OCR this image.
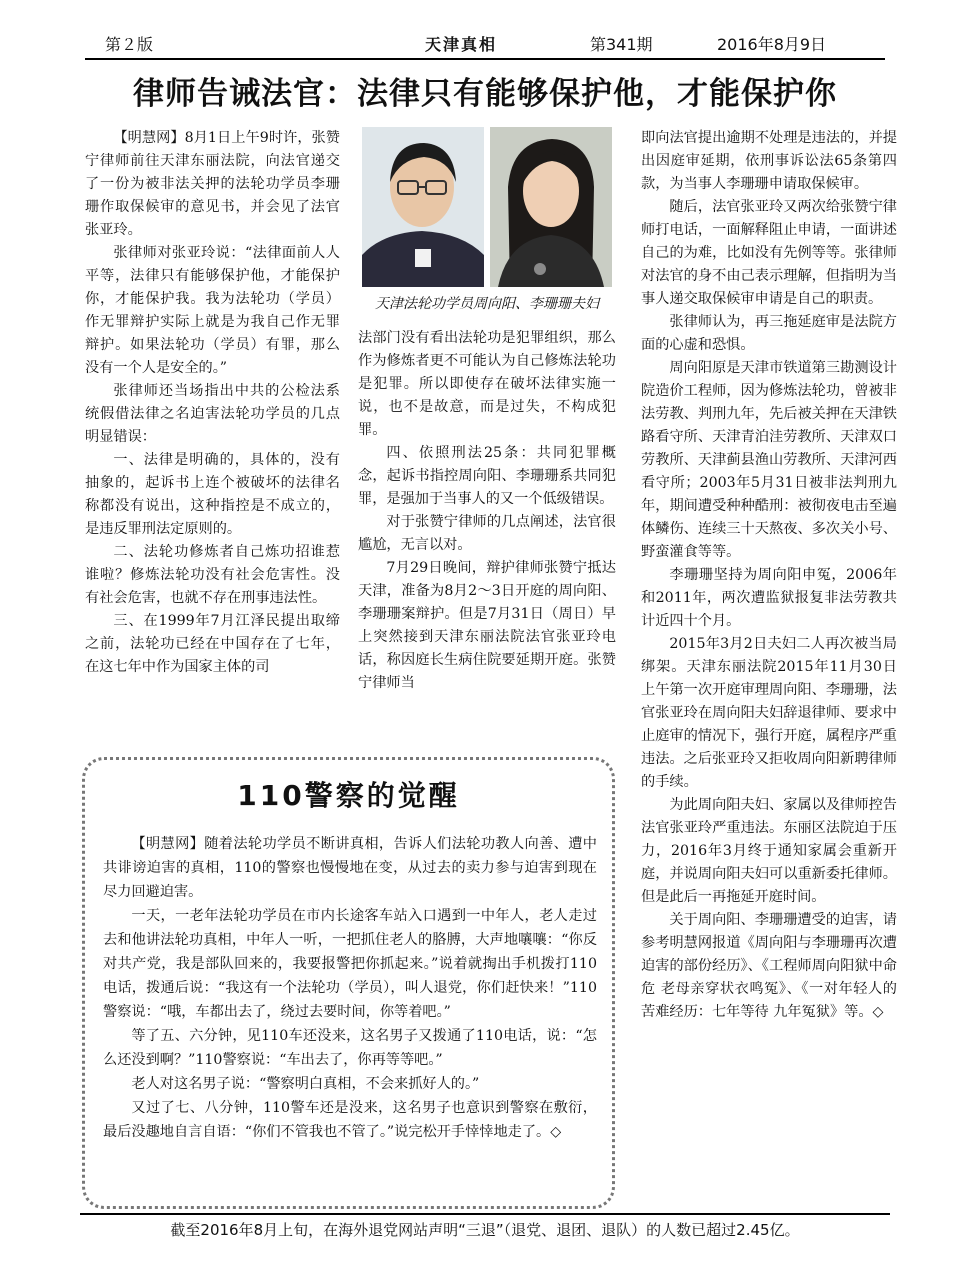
第２版	天津真相	第341期	2016年8月9日
律师告诫法官：法律只有能够保护他，才能保护你

【明慧网】8月1日上午9时许，张赞宁律师前往天津东丽法院，向法官递交了一份为被非法关押的法轮功学员李珊珊作取保候审的意见书，并会见了法官张亚玲。

张律师对张亚玲说：“法律面前人人平等，法律只有能够保护他，才能保护你，才能保护我。我为法轮功（学员）作无罪辩护实际上就是为我自己作无罪辩护。如果法轮功（学员）有罪，那么没有一个人是安全的。”

张律师还当场指出中共的公检法系统假借法律之名迫害法轮功学员的几点明显错误：

一、法律是明确的，具体的，没有抽象的，起诉书上连个被破坏的法律名称都没有说出，这种指控是不成立的，是违反罪刑法定原则的。

二、法轮功修炼者自己炼功招谁惹谁啦？修炼法轮功没有社会危害性。没有社会危害，也就不存在刑事违法性。

三、在1999年7月江泽民提出取缔之前，法轮功已经在中国存在了七年，在这七年中作为国家主体的司

天津法轮功学员周向阳、李珊珊夫妇

法部门没有看出法轮功是犯罪组织，那么作为修炼者更不可能认为自己修炼法轮功是犯罪。所以即使存在破坏法律实施一说，也不是故意，而是过失，不构成犯罪。

四、依照刑法25条：共同犯罪概念，起诉书指控周向阳、李珊珊系共同犯罪，是强加于当事人的又一个低级错误。

对于张赞宁律师的几点阐述，法官很尴尬，无言以对。

7月29日晚间，辩护律师张赞宁抵达天津，准备为8月2～3日开庭的周向阳、李珊珊案辩护。但是7月31日（周日）早上突然接到天津东丽法院法官张亚玲电话，称因庭长生病住院要延期开庭。张赞宁律师当

即向法官提出逾期不处理是违法的，并提出因庭审延期，依刑事诉讼法65条第四款，为当事人李珊珊申请取保候审。

随后，法官张亚玲又两次给张赞宁律师打电话，一面解释阻止申请，一面讲述自己的为难，比如没有先例等等。张律师对法官的身不由己表示理解，但指明为当事人递交取保候审申请是自己的职责。

张律师认为，再三拖延庭审是法院方面的心虚和恐惧。

周向阳原是天津市铁道第三勘测设计院造价工程师，因为修炼法轮功，曾被非法劳教、判刑九年，先后被关押在天津铁路看守所、天津青泊洼劳教所、天津双口劳教所、天津蓟县渔山劳教所、天津河西看守所；2003年5月31日被非法判刑九年，期间遭受种种酷刑：被彻夜电击至遍体鳞伤、连续三十天熬夜、多次关小号、野蛮灌食等等。

李珊珊坚持为周向阳申冤，2006年和2011年，两次遭监狱报复非法劳教共计近四十个月。

2015年3月2日夫妇二人再次被当局绑架。天津东丽法院2015年11月30日上午第一次开庭审理周向阳、李珊珊，法官张亚玲在周向阳夫妇辞退律师、要求中止庭审的情况下，强行开庭，属程序严重违法。之后张亚玲又拒收周向阳新聘律师的手续。

为此周向阳夫妇、家属以及律师控告法官张亚玲严重违法。东丽区法院迫于压力，2016年3月终于通知家属会重新开庭，并说周向阳夫妇可以重新委托律师。但是此后一再拖延开庭时间。

关于周向阳、李珊珊遭受的迫害，请参考明慧网报道《周向阳与李珊珊再次遭迫害的部份经历》、《工程师周向阳狱中命危 老母亲穿状衣鸣冤》、《一对年轻人的苦难经历：七年等待 九年冤狱》等。◇

110警察的觉醒

【明慧网】随着法轮功学员不断讲真相，告诉人们法轮功教人向善、遭中共诽谤迫害的真相，110的警察也慢慢地在变，从过去的卖力参与迫害到现在尽力回避迫害。

一天，一老年法轮功学员在市内长途客车站入口遇到一中年人，老人走过去和他讲法轮功真相，中年人一听，一把抓住老人的胳膊，大声地嚷嚷：“你反对共产党，我是部队回来的，我要报警把你抓起来。”说着就掏出手机拨打110电话，拨通后说：“我这有一个法轮功（学员），叫人退党，你们赶快来！”110警察说：“哦，车都出去了，绕过去要时间，你等着吧。”

等了五、六分钟，见110车还没来，这名男子又拨通了110电话，说：“怎么还没到啊？”110警察说：“车出去了，你再等等吧。”

老人对这名男子说：“警察明白真相，不会来抓好人的。”

又过了七、八分钟，110警车还是没来，这名男子也意识到警察在敷衍，最后没趣地自言自语：“你们不管我也不管了。”说完松开手悻悻地走了。◇

截至2016年8月上旬，在海外退党网站声明“三退”（退党、退团、退队）的人数已超过2.45亿。
